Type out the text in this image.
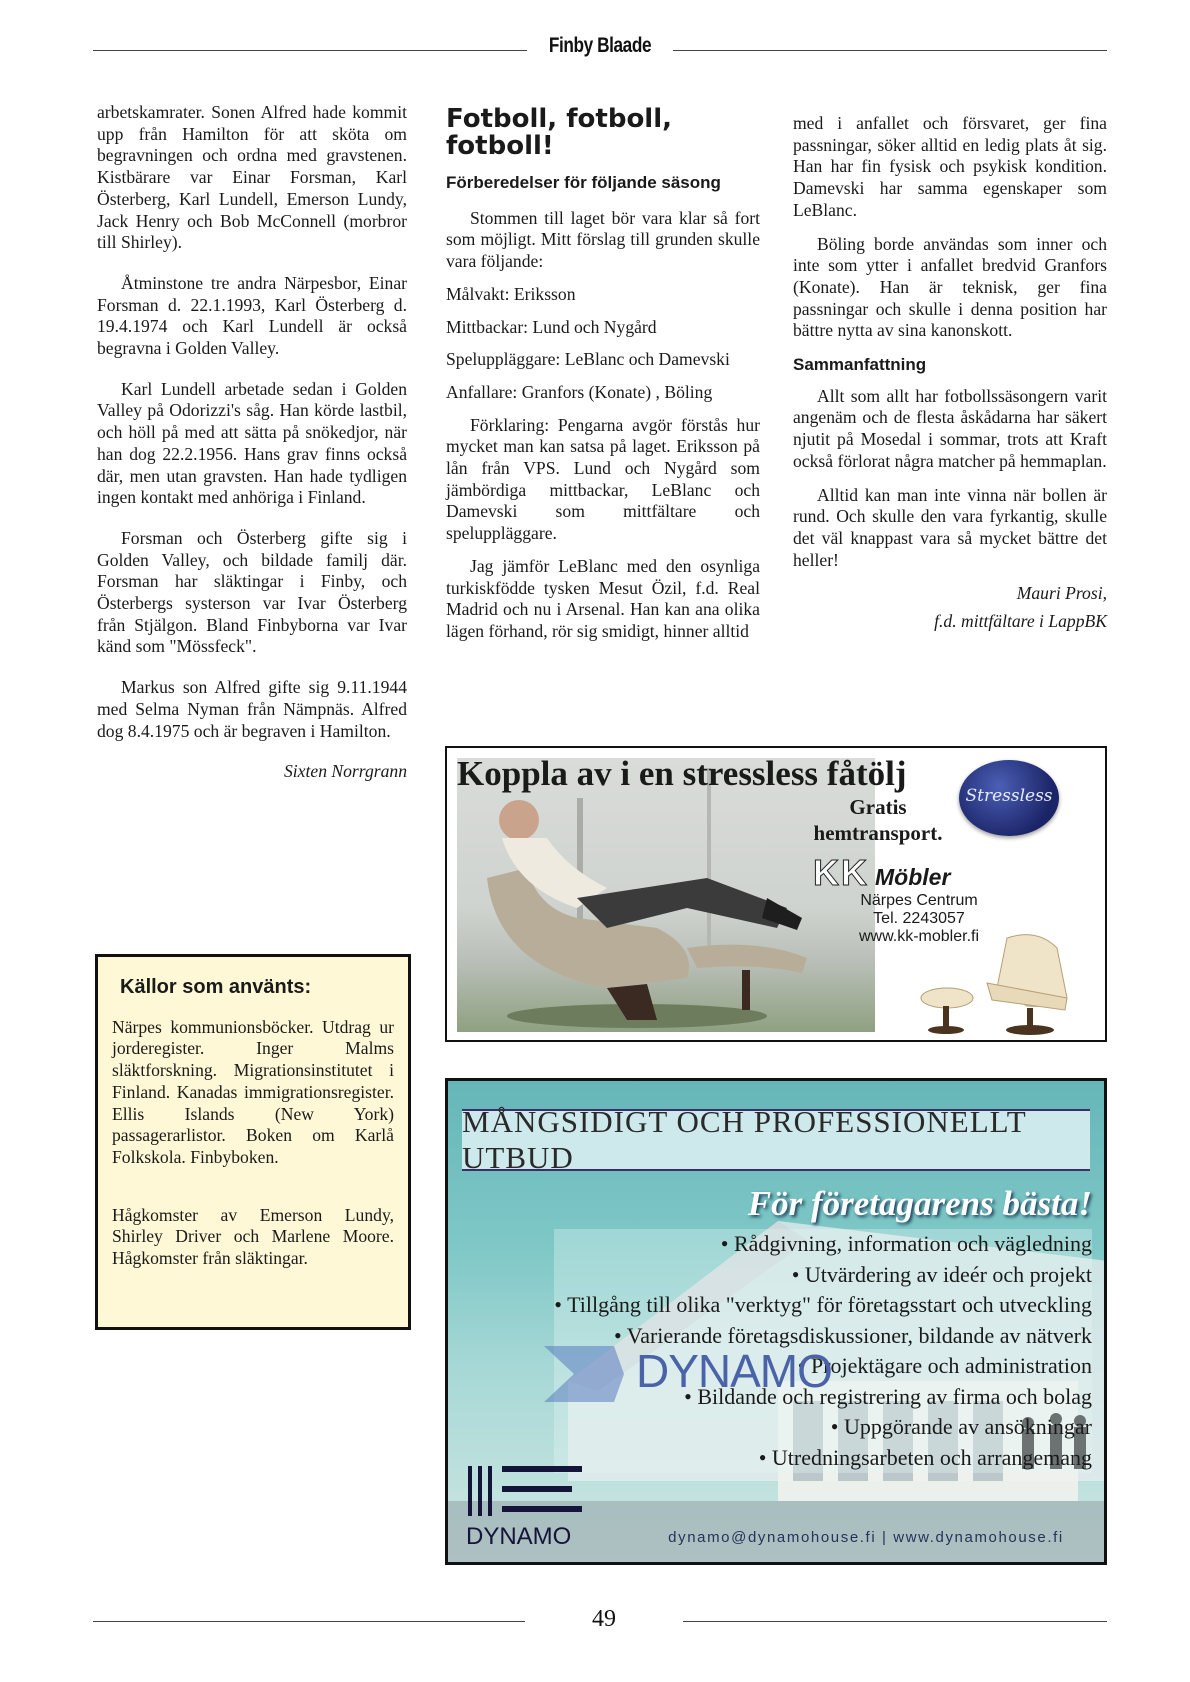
Finby Blaade

arbetskamrater. Sonen Alfred hade kommit upp från Hamilton för att sköta om begravningen och ordna med gravstenen. Kistbärare var Einar Forsman, Karl Österberg, Karl Lundell, Emerson Lundy, Jack Henry och Bob McConnell (morbror till Shirley).

Åtminstone tre andra Närpesbor, Einar Forsman d. 22.1.1993, Karl Österberg d. 19.4.1974 och Karl Lundell är också begravna i Golden Valley.

Karl Lundell arbetade sedan i Golden Valley på Odorizzi's såg. Han körde lastbil, och höll på med att sätta på snökedjor, när han dog 22.2.1956. Hans grav finns också där, men utan gravsten. Han hade tydligen ingen kontakt med anhöriga i Finland.

Forsman och Österberg gifte sig i Golden Valley, och bildade familj där. Forsman har släktingar i Finby, och Österbergs systerson var Ivar Österberg från Stjälgon. Bland Finbyborna var Ivar känd som "Mössfeck".

Markus son Alfred gifte sig 9.11.1944 med Selma Nyman från Nämpnäs. Alfred dog 8.4.1975 och är begraven i Hamilton.

Sixten Norrgrann

Källor som använts:

Närpes kommunionsböcker. Utdrag ur jorderegister. Inger Malms släktforskning. Migrationsinstitutet i Finland. Kanadas immigrationsregister. Ellis Islands (New York) passagerarlistor. Boken om Karlå Folkskola. Finbyboken.

Hågkomster av Emerson Lundy, Shirley Driver och Marlene Moore. Hågkomster från släktingar.

Fotboll, fotboll, fotboll!
Förberedelser för följande säsong

Stommen till laget bör vara klar så fort som möjligt. Mitt förslag till grunden skulle vara följande:

Målvakt: Eriksson

Mittbackar: Lund och Nygård

Speluppläggare: LeBlanc och Damevski

Anfallare: Granfors (Konate) , Böling

Förklaring: Pengarna avgör förstås hur mycket man kan satsa på laget. Eriksson på lån från VPS. Lund och Nygård som jämbördiga mittbackar, LeBlanc och Damevski som mittfältare och speluppläggare.

Jag jämför LeBlanc med den osynliga turkiskfödde tysken Mesut Özil, f.d. Real Madrid och nu i Arsenal. Han kan ana olika lägen förhand, rör sig smidigt, hinner alltid

med i anfallet och försvaret, ger fina passningar, söker alltid en ledig plats åt sig. Han har fin fysisk och psykisk kondition. Damevski har samma egenskaper som LeBlanc.

Böling borde användas som inner och inte som ytter i anfallet bredvid Granfors (Konate). Han är teknisk, ger fina passningar och skulle i denna position har bättre nytta av sina kanonskott.

Sammanfattning

Allt som allt har fotbollssäsongern varit angenäm och de flesta åskådarna har säkert njutit på Mosedal i sommar, trots att Kraft också förlorat några matcher på hemmaplan.

Alltid kan man inte vinna när bollen är rund. Och skulle den vara fyrkantig, skulle det väl knappast vara så mycket bättre det heller!

Mauri Prosi,

f.d. mittfältare i LappBK

Koppla av i en stressless fåtölj
Gratis
hemtransport.
Stressless
KK Möbler
Närpes Centrum
Tel. 2243057
www.kk-mobler.fi
MÅNGSIDIGT OCH PROFESSIONELLT UTBUD
För företagarens bästa!
• Rådgivning, information och vägledning
• Utvärdering av ideér och projekt
• Tillgång till olika "verktyg" för företagsstart och utveckling
• Varierande företagsdiskussioner, bildande av nätverk
• Projektägare och administration
• Bildande och registrering av firma och bolag
• Uppgörande av ansökningar
• Utredningsarbeten och arrangemang
DYNAMO
DYNAMO	dynamo@dynamohouse.fi | www.dynamohouse.fi
49
